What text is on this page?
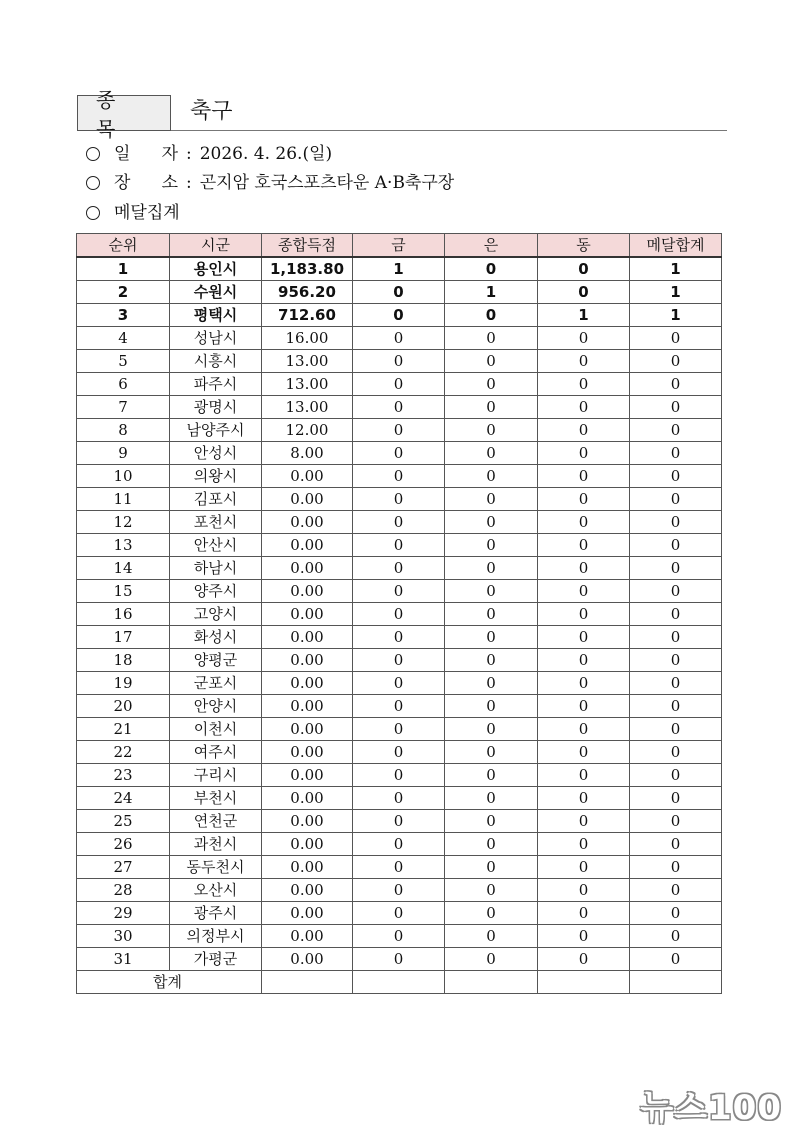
종 목
축구
일 자 : 2026. 4. 26.(일)
장 소 : 곤지암 호국스포츠타운 A·B축구장
메달집계
순위	시군	종합득점	금	은	동	메달합계
1	용인시	1,183.80	1	0	0	1
2	수원시	956.20	0	1	0	1
3	평택시	712.60	0	0	1	1
4	성남시	16.00	0	0	0	0
5	시흥시	13.00	0	0	0	0
6	파주시	13.00	0	0	0	0
7	광명시	13.00	0	0	0	0
8	남양주시	12.00	0	0	0	0
9	안성시	8.00	0	0	0	0
10	의왕시	0.00	0	0	0	0
11	김포시	0.00	0	0	0	0
12	포천시	0.00	0	0	0	0
13	안산시	0.00	0	0	0	0
14	하남시	0.00	0	0	0	0
15	양주시	0.00	0	0	0	0
16	고양시	0.00	0	0	0	0
17	화성시	0.00	0	0	0	0
18	양평군	0.00	0	0	0	0
19	군포시	0.00	0	0	0	0
20	안양시	0.00	0	0	0	0
21	이천시	0.00	0	0	0	0
22	여주시	0.00	0	0	0	0
23	구리시	0.00	0	0	0	0
24	부천시	0.00	0	0	0	0
25	연천군	0.00	0	0	0	0
26	과천시	0.00	0	0	0	0
27	동두천시	0.00	0	0	0	0
28	오산시	0.00	0	0	0	0
29	광주시	0.00	0	0	0	0
30	의정부시	0.00	0	0	0	0
31	가평군	0.00	0	0	0	0
합계						
뉴스100
